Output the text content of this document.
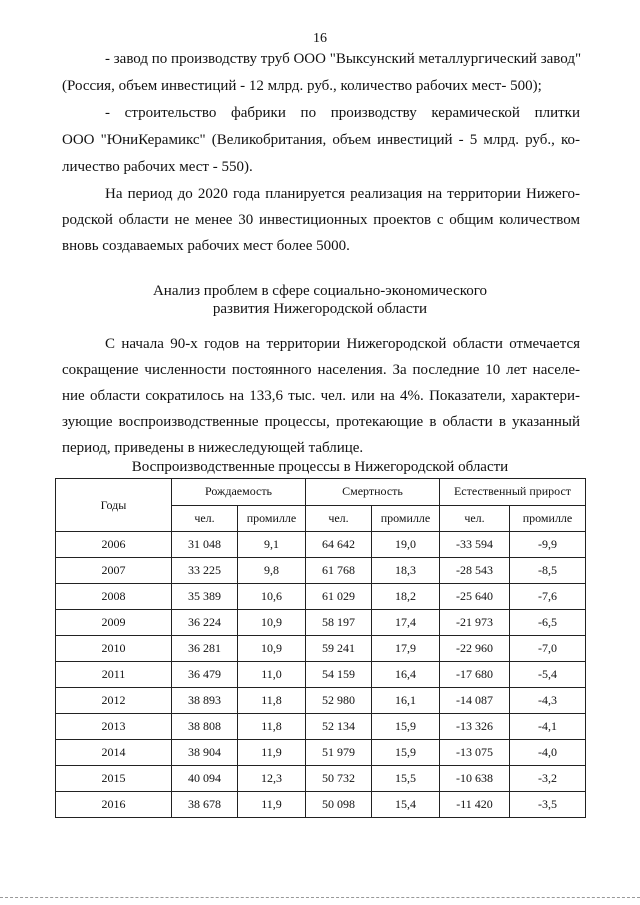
16
- завод по производству труб ООО "Выксунский металлургический завод"
(Россия, объем инвестиций - 12 млрд. руб., количество рабочих мест- 500);
- строительство фабрики по производству керамической плитки
ООО "ЮниКерамикс" (Великобритания, объем инвестиций - 5 млрд. руб., ко-
личество рабочих мест - 550).
На период до 2020 года планируется реализация на территории Нижего-
родской области не менее 30 инвестиционных проектов с общим количеством
вновь создаваемых рабочих мест более 5000.
Анализ проблем в сфере социально-экономического
развития Нижегородской области
С начала 90-х годов на территории Нижегородской области отмечается
сокращение численности постоянного населения. За последние 10 лет населе-
ние области сократилось на 133,6 тыс. чел. или на 4%. Показатели, характери-
зующие воспроизводственные процессы, протекающие в области в указанный
период, приведены в нижеследующей таблице.
Воспроизводственные процессы в Нижегородской области
Годы	Рождаемость		Смертность		Естественный прирост	
	чел.	промилле	чел.	промилле	чел.	промилле
2006	31 048	9,1	64 642	19,0	-33 594	-9,9
2007	33 225	9,8	61 768	18,3	-28 543	-8,5
2008	35 389	10,6	61 029	18,2	-25 640	-7,6
2009	36 224	10,9	58 197	17,4	-21 973	-6,5
2010	36 281	10,9	59 241	17,9	-22 960	-7,0
2011	36 479	11,0	54 159	16,4	-17 680	-5,4
2012	38 893	11,8	52 980	16,1	-14 087	-4,3
2013	38 808	11,8	52 134	15,9	-13 326	-4,1
2014	38 904	11,9	51 979	15,9	-13 075	-4,0
2015	40 094	12,3	50 732	15,5	-10 638	-3,2
2016	38 678	11,9	50 098	15,4	-11 420	-3,5
